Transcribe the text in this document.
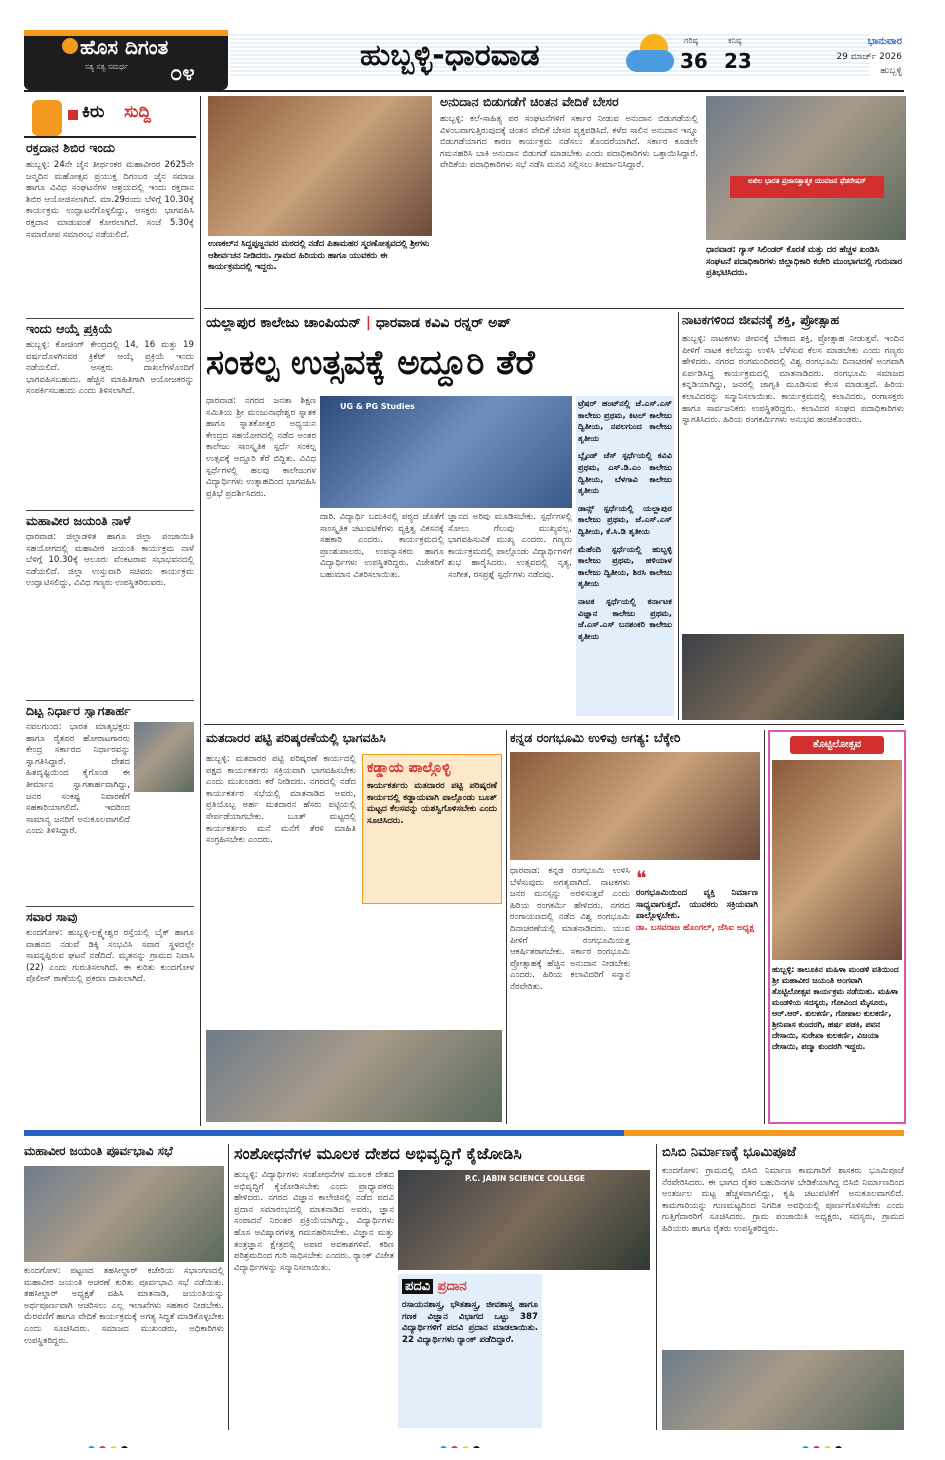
ಹೊಸ ದಿಗಂತ
ಸತ್ಯ ಸತ್ವ ಸಮರ್ಥ	೦೪
ಹುಬ್ಬಳ್ಳಿ-ಧಾರವಾಡ	ಗರಿಷ್ಠ
36
ಕನಿಷ್ಠ
23
ಭಾನುವಾರ
29 ಮಾರ್ಚ್ 2026
ಹುಬ್ಬಳ್ಳಿ
ಕಿರು	ಸುದ್ದಿ
ರಕ್ತದಾನ ಶಿಬಿರ ಇಂದು
ಹುಬ್ಬಳ್ಳಿ: 24ನೇ ಜೈನ ತೀರ್ಥಂಕರ ಮಹಾವೀರರ 2625ನೇ ಜನ್ಮದಿನ ಮಹೋತ್ಸವ ಪ್ರಯುಕ್ತ ದಿಗಂಬರ ಜೈನ ಸಮಾಜ ಹಾಗೂ ವಿವಿಧ ಸಂಘಟನೆಗಳ ಆಶ್ರಯದಲ್ಲಿ ಇಂದು ರಕ್ತದಾನ ಶಿಬಿರ ಆಯೋಜಿಸಲಾಗಿದೆ. ಮಾ.29ರಂದು ಬೆಳಿಗ್ಗೆ 10.30ಕ್ಕೆ ಕಾರ್ಯಕ್ರಮ ಉದ್ಘಾಟನೆಗೊಳ್ಳಲಿದ್ದು, ಆಸಕ್ತರು ಭಾಗವಹಿಸಿ ರಕ್ತದಾನ ಮಾಡುವಂತೆ ಕೋರಲಾಗಿದೆ. ಸಂಜೆ 5.30ಕ್ಕೆ ಸಮಾರೋಪ ಸಮಾರಂಭ ನಡೆಯಲಿದೆ.
ಇಂದು ಆಯ್ಕೆ ಪ್ರಕ್ರಿಯೆ
ಹುಬ್ಬಳ್ಳಿ: ಕೋಚಿಂಗ್ ಕೇಂದ್ರದಲ್ಲಿ 14, 16 ಮತ್ತು 19 ವರ್ಷದೊಳಗಿನವರ ಕ್ರಿಕೆಟ್ ಆಯ್ಕೆ ಪ್ರಕ್ರಿಯೆ ಇಂದು ನಡೆಯಲಿದೆ. ಆಸಕ್ತರು ದಾಖಲೆಗಳೊಂದಿಗೆ ಭಾಗವಹಿಸಬಹುದು. ಹೆಚ್ಚಿನ ಮಾಹಿತಿಗಾಗಿ ಆಯೋಜಕರನ್ನು ಸಂಪರ್ಕಿಸಬಹುದು ಎಂದು ತಿಳಿಸಲಾಗಿದೆ.
ಮಹಾವೀರ ಜಯಂತಿ ನಾಳೆ
ಧಾರವಾಡ: ಜಿಲ್ಲಾಡಳಿತ ಹಾಗೂ ಜಿಲ್ಲಾ ಪಂಚಾಯಿತಿ ಸಹಯೋಗದಲ್ಲಿ ಮಹಾವೀರ ಜಯಂತಿ ಕಾರ್ಯಕ್ರಮ ನಾಳೆ ಬೆಳಿಗ್ಗೆ 10.30ಕ್ಕೆ ಆಲೂರು ವೆಂಕಟರಾವ ಸಭಾಭವನದಲ್ಲಿ ನಡೆಯಲಿದೆ. ಜಿಲ್ಲಾ ಉಸ್ತುವಾರಿ ಸಚಿವರು ಕಾರ್ಯಕ್ರಮ ಉದ್ಘಾಟಿಸಲಿದ್ದು, ವಿವಿಧ ಗಣ್ಯರು ಉಪಸ್ಥಿತರಿರುವರು.
ದಿಟ್ಟ ನಿರ್ಧಾರ ಸ್ವಾಗತಾರ್ಹ
ನವಲಗುಂದ: ಭಾರತ ಮಾತೃಭಕ್ತರು ಹಾಗೂ ರೈತಪರ ಹೋರಾಟಗಾರರು ಕೇಂದ್ರ ಸರ್ಕಾರದ ನಿರ್ಧಾರವನ್ನು ಸ್ವಾಗತಿಸಿದ್ದಾರೆ. ದೇಶದ ಹಿತದೃಷ್ಟಿಯಿಂದ ಕೈಗೊಂಡ ಈ ತೀರ್ಮಾನ ಸ್ವಾಗತಾರ್ಹವಾಗಿದ್ದು, ಜನರ ಸಂಕಷ್ಟ ನಿವಾರಣೆಗೆ ಸಹಕಾರಿಯಾಗಲಿದೆ. ಇದರಿಂದ ಸಾಮಾನ್ಯ ಜನರಿಗೆ ಅನುಕೂಲವಾಗಲಿದೆ ಎಂದು ತಿಳಿಸಿದ್ದಾರೆ.
ಸವಾರ ಸಾವು
ಕುಂದಗೋಳ: ಹುಬ್ಬಳ್ಳಿ-ಲಕ್ಷ್ಮೇಶ್ವರ ರಸ್ತೆಯಲ್ಲಿ ಬೈಕ್ ಹಾಗೂ ವಾಹನದ ನಡುವೆ ಡಿಕ್ಕಿ ಸಂಭವಿಸಿ ಸವಾರ ಸ್ಥಳದಲ್ಲೇ ಸಾವನ್ನಪ್ಪಿರುವ ಘಟನೆ ನಡೆದಿದೆ. ಮೃತನನ್ನು ಗ್ರಾಮದ ನಿವಾಸಿ (22) ಎಂದು ಗುರುತಿಸಲಾಗಿದೆ. ಈ ಕುರಿತು ಕುಂದಗೋಳ ಪೊಲೀಸ್ ಠಾಣೆಯಲ್ಲಿ ಪ್ರಕರಣ ದಾಖಲಾಗಿದೆ.
ಉಣಕಲ್‌ನ ಸಿದ್ದಪ್ಪಜ್ಜನವರ ಮಠದಲ್ಲಿ ನಡೆದ ಪಿತಾಮಹರ ಸ್ಮರಣೋತ್ಸವದಲ್ಲಿ ಶ್ರೀಗಳು ಆಶೀರ್ವಚನ ನೀಡಿದರು. ಗ್ರಾಮದ ಹಿರಿಯರು ಹಾಗೂ ಯುವಕರು ಈ ಕಾರ್ಯಕ್ರಮದಲ್ಲಿ ಇದ್ದರು.
ಅನುದಾನ ಬಿಡುಗಡೆಗೆ ಚಿಂತನ ವೇದಿಕೆ ಬೇಸರ
ಹುಬ್ಬಳ್ಳಿ: ಕಲೆ-ಸಾಹಿತ್ಯ ಪರ ಸಂಘಟನೆಗಳಿಗೆ ಸರ್ಕಾರ ನೀಡುವ ಅನುದಾನ ಬಿಡುಗಡೆಯಲ್ಲಿ ವಿಳಂಬವಾಗುತ್ತಿರುವುದಕ್ಕೆ ಚಿಂತನ ವೇದಿಕೆ ಬೇಸರ ವ್ಯಕ್ತಪಡಿಸಿದೆ. ಕಳೆದ ಸಾಲಿನ ಅನುದಾನ ಇನ್ನೂ ಬಿಡುಗಡೆಯಾಗದ ಕಾರಣ ಕಾರ್ಯಕ್ರಮ ನಡೆಸಲು ತೊಂದರೆಯಾಗಿದೆ. ಸರ್ಕಾರ ಕೂಡಲೇ ಗಮನಹರಿಸಿ ಬಾಕಿ ಅನುದಾನ ಬಿಡುಗಡೆ ಮಾಡಬೇಕು ಎಂದು ಪದಾಧಿಕಾರಿಗಳು ಒತ್ತಾಯಿಸಿದ್ದಾರೆ. ವೇದಿಕೆಯ ಪದಾಧಿಕಾರಿಗಳು ಸಭೆ ನಡೆಸಿ ಮನವಿ ಸಲ್ಲಿಸಲು ತೀರ್ಮಾನಿಸಿದ್ದಾರೆ.
ಅಖಿಲ ಭಾರತ ಪ್ರಜಾಸತ್ತಾತ್ಮಕ ಯುವಜನ ಫೆಡರೇಷನ್
ಧಾರವಾಡ: ಗ್ಯಾಸ್ ಸಿಲಿಂಡರ್ ಕೊರತೆ ಮತ್ತು ದರ ಹೆಚ್ಚಳ ಖಂಡಿಸಿ ಸಂಘಟನೆ ಪದಾಧಿಕಾರಿಗಳು ಜಿಲ್ಲಾಧಿಕಾರಿ ಕಚೇರಿ ಮುಂಭಾಗದಲ್ಲಿ ಗುರುವಾರ ಪ್ರತಿಭಟಿಸಿದರು.
ಯಲ್ಲಾಪುರ ಕಾಲೇಜು ಚಾಂಪಿಯನ್ | ಧಾರವಾಡ ಕವಿವಿ ರನ್ನರ್ ಅಪ್
ಸಂಕಲ್ಪ ಉತ್ಸವಕ್ಕೆ ಅದ್ದೂರಿ ತೆರೆ
UG & PG Studies
ಧಾರವಾಡ: ನಗರದ ಜನತಾ ಶಿಕ್ಷಣ ಸಮಿತಿಯ ಶ್ರೀ ಮಂಜುನಾಥೇಶ್ವರ ಸ್ನಾತಕ ಹಾಗೂ ಸ್ನಾತಕೋತ್ತರ ಅಧ್ಯಯನ ಕೇಂದ್ರದ ಸಹಯೋಗದಲ್ಲಿ ನಡೆದ ಅಂತರ ಕಾಲೇಜು ಸಾಂಸ್ಕೃತಿಕ ಸ್ಪರ್ಧೆ ಸಂಕಲ್ಪ ಉತ್ಸವಕ್ಕೆ ಅದ್ದೂರಿ ತೆರೆ ಬಿದ್ದಿತು. ವಿವಿಧ ಸ್ಪರ್ಧೆಗಳಲ್ಲಿ ಹಲವು ಕಾಲೇಜುಗಳ ವಿದ್ಯಾರ್ಥಿಗಳು ಉತ್ಸಾಹದಿಂದ ಭಾಗವಹಿಸಿ ಪ್ರತಿಭೆ ಪ್ರದರ್ಶಿಸಿದರು.
ದಾರಿ. ವಿದ್ಯಾರ್ಥಿ ಬದುಕಿನಲ್ಲಿ ಪಠ್ಯದ ಜೊತೆಗೆ ಸಾಂಸ್ಕೃತಿಕ ಚಟುವಟಿಕೆಗಳು ವ್ಯಕ್ತಿತ್ವ ವಿಕಸನಕ್ಕೆ ಸಹಕಾರಿ ಎಂದರು. ಕಾರ್ಯಕ್ರಮದಲ್ಲಿ ಪ್ರಾಂಶುಪಾಲರು, ಉಪನ್ಯಾಸಕರು ಹಾಗೂ ವಿದ್ಯಾರ್ಥಿಗಳು ಉಪಸ್ಥಿತರಿದ್ದರು. ವಿಜೇತರಿಗೆ ಬಹುಮಾನ ವಿತರಿಸಲಾಯಿತು.
ಜ್ಞಾನದ ಅರಿವು ಮೂಡಿಸಬೇಕು. ಸ್ಪರ್ಧೆಗಳಲ್ಲಿ ಸೋಲು ಗೆಲುವು ಮುಖ್ಯವಲ್ಲ, ಭಾಗವಹಿಸುವಿಕೆ ಮುಖ್ಯ ಎಂದರು. ಗಣ್ಯರು ಕಾರ್ಯಕ್ರಮದಲ್ಲಿ ಪಾಲ್ಗೊಂಡು ವಿದ್ಯಾರ್ಥಿಗಳಿಗೆ ಶುಭ ಹಾರೈಸಿದರು. ಉತ್ಸವದಲ್ಲಿ ನೃತ್ಯ, ಸಂಗೀತ, ರಸಪ್ರಶ್ನೆ ಸ್ಪರ್ಧೆಗಳು ನಡೆದವು.
ಟ್ರೆಷರ್ ಹಂಟ್‌ನಲ್ಲಿ ಜೆ.ಎಸ್.ಎಸ್ ಕಾಲೇಜು ಪ್ರಥಮ, ಕಿಟಲ್ ಕಾಲೇಜು ದ್ವಿತೀಯ, ನವಲಗುಂದ ಕಾಲೇಜು ತೃತೀಯ
ಬ್ಲೈಂಡ್ ಚೆಸ್ ಸ್ಪರ್ಧೆಯಲ್ಲಿ ಕವಿವಿ ಪ್ರಥಮ, ಎಸ್.ಡಿ.ಎಂ ಕಾಲೇಜು ದ್ವಿತೀಯ, ಬೆಳಗಾವಿ ಕಾಲೇಜು ತೃತೀಯ
ಡಾನ್ಸ್ ಸ್ಪರ್ಧೆಯಲ್ಲಿ ಯಲ್ಲಾಪುರ ಕಾಲೇಜು ಪ್ರಥಮ, ಜೆ.ಎಸ್.ಎಸ್ ದ್ವಿತೀಯ, ಕೆ.ಸಿ.ಡಿ ತೃತೀಯ
ಮೆಹೆಂದಿ ಸ್ಪರ್ಧೆಯಲ್ಲಿ ಹುಬ್ಬಳ್ಳಿ ಕಾಲೇಜು ಪ್ರಥಮ, ಹಳಿಯಾಳ ಕಾಲೇಜು ದ್ವಿತೀಯ, ಶಿರಸಿ ಕಾಲೇಜು ತೃತೀಯ
ನಾಟಕ ಸ್ಪರ್ಧೆಯಲ್ಲಿ ಕರ್ನಾಟಕ ವಿಜ್ಞಾನ ಕಾಲೇಜು ಪ್ರಥಮ, ಜೆ.ಎಸ್.ಎಸ್ ಬನಶಂಕರಿ ಕಾಲೇಜು ತೃತೀಯ
ನಾಟಕಗಳಿಂದ ಜೀವನಕ್ಕೆ ಶಕ್ತಿ, ಪ್ರೋತ್ಸಾಹ
ಹುಬ್ಬಳ್ಳಿ: ನಾಟಕಗಳು ಜೀವನಕ್ಕೆ ಬೇಕಾದ ಶಕ್ತಿ, ಪ್ರೋತ್ಸಾಹ ನೀಡುತ್ತವೆ. ಇಂದಿನ ಪೀಳಿಗೆ ನಾಟಕ ಕಲೆಯನ್ನು ಉಳಿಸಿ ಬೆಳೆಸುವ ಕೆಲಸ ಮಾಡಬೇಕು ಎಂದು ಗಣ್ಯರು ಹೇಳಿದರು. ನಗರದ ರಂಗಮಂದಿರದಲ್ಲಿ ವಿಶ್ವ ರಂಗಭೂಮಿ ದಿನಾಚರಣೆ ಅಂಗವಾಗಿ ಏರ್ಪಡಿಸಿದ್ದ ಕಾರ್ಯಕ್ರಮದಲ್ಲಿ ಮಾತನಾಡಿದರು. ರಂಗಭೂಮಿ ಸಮಾಜದ ಕನ್ನಡಿಯಾಗಿದ್ದು, ಜನರಲ್ಲಿ ಜಾಗೃತಿ ಮೂಡಿಸುವ ಕೆಲಸ ಮಾಡುತ್ತದೆ. ಹಿರಿಯ ಕಲಾವಿದರನ್ನು ಸನ್ಮಾನಿಸಲಾಯಿತು. ಕಾರ್ಯಕ್ರಮದಲ್ಲಿ ಕಲಾವಿದರು, ರಂಗಾಸಕ್ತರು ಹಾಗೂ ಸಾರ್ವಜನಿಕರು ಉಪಸ್ಥಿತರಿದ್ದರು. ಕಲಾವಿದರ ಸಂಘದ ಪದಾಧಿಕಾರಿಗಳು ಸ್ವಾಗತಿಸಿದರು. ಹಿರಿಯ ರಂಗಕರ್ಮಿಗಳು ಅನುಭವ ಹಂಚಿಕೊಂಡರು.
ಮತದಾರರ ಪಟ್ಟಿ ಪರಿಷ್ಕರಣೆಯಲ್ಲಿ ಭಾಗವಹಿಸಿ
ಹುಬ್ಬಳ್ಳಿ: ಮತದಾರರ ಪಟ್ಟಿ ಪರಿಷ್ಕರಣೆ ಕಾರ್ಯದಲ್ಲಿ ಪಕ್ಷದ ಕಾರ್ಯಕರ್ತರು ಸಕ್ರಿಯವಾಗಿ ಭಾಗವಹಿಸಬೇಕು ಎಂದು ಮುಖಂಡರು ಕರೆ ನೀಡಿದರು. ನಗರದಲ್ಲಿ ನಡೆದ ಕಾರ್ಯಕರ್ತರ ಸಭೆಯಲ್ಲಿ ಮಾತನಾಡಿದ ಅವರು, ಪ್ರತಿಯೊಬ್ಬ ಅರ್ಹ ಮತದಾರನ ಹೆಸರು ಪಟ್ಟಿಯಲ್ಲಿ ಸೇರ್ಪಡೆಯಾಗಬೇಕು. ಬೂತ್ ಮಟ್ಟದಲ್ಲಿ ಕಾರ್ಯಕರ್ತರು ಮನೆ ಮನೆಗೆ ತೆರಳಿ ಮಾಹಿತಿ ಸಂಗ್ರಹಿಸಬೇಕು ಎಂದರು.
ಕಡ್ಡಾಯ ಪಾಲ್ಗೊಳ್ಳಿ
ಕಾರ್ಯಕರ್ತರು ಮತದಾರರ ಪಟ್ಟಿ ಪರಿಷ್ಕರಣೆ ಕಾರ್ಯದಲ್ಲಿ ಕಡ್ಡಾಯವಾಗಿ ಪಾಲ್ಗೊಂಡು ಬೂತ್ ಮಟ್ಟದ ಕೆಲಸವನ್ನು ಯಶಸ್ವಿಗೊಳಿಸಬೇಕು ಎಂದು ಸೂಚಿಸಿದರು.
ಕನ್ನಡ ರಂಗಭೂಮಿ ಉಳಿವು ಅಗತ್ಯ: ಬೆಕ್ಕೇರಿ
ಧಾರವಾಡ: ಕನ್ನಡ ರಂಗಭೂಮಿ ಉಳಿಸಿ ಬೆಳೆಸುವುದು ಅಗತ್ಯವಾಗಿದೆ. ನಾಟಕಗಳು ಜನರ ಮನಸ್ಸನ್ನು ಅರಳಿಸುತ್ತವೆ ಎಂದು ಹಿರಿಯ ರಂಗಕರ್ಮಿ ಹೇಳಿದರು. ನಗರದ ರಂಗಾಯಣದಲ್ಲಿ ನಡೆದ ವಿಶ್ವ ರಂಗಭೂಮಿ ದಿನಾಚರಣೆಯಲ್ಲಿ ಮಾತನಾಡಿದರು. ಯುವ ಪೀಳಿಗೆ ರಂಗಭೂಮಿಯತ್ತ ಆಕರ್ಷಿತರಾಗಬೇಕು. ಸರ್ಕಾರ ರಂಗಭೂಮಿ ಪ್ರೋತ್ಸಾಹಕ್ಕೆ ಹೆಚ್ಚಿನ ಅನುದಾನ ನೀಡಬೇಕು ಎಂದರು. ಹಿರಿಯ ಕಲಾವಿದರಿಗೆ ಸನ್ಮಾನ ನೆರವೇರಿತು.
❝
ರಂಗಭೂಮಿಯಿಂದ ವ್ಯಕ್ತಿ ನಿರ್ಮಾಣ ಸಾಧ್ಯವಾಗುತ್ತದೆ. ಯುವಕರು ಸಕ್ರಿಯವಾಗಿ ಪಾಲ್ಗೊಳ್ಳಬೇಕು.
ಡಾ. ಬಸವರಾಜ ಹೊಂಗಲ್, ಜೆಸಿಐ ಅಧ್ಯಕ್ಷ
ತೊಟ್ಟಿಲೋತ್ಸವ
ಹುಬ್ಬಳ್ಳಿ: ತಾಲೂಕಿನ ಮಹಿಳಾ ಮಂಡಳಿ ವತಿಯಿಂದ ಶ್ರೀ ಮಹಾವೀರ ಜಯಂತಿ ಅಂಗವಾಗಿ ತೊಟ್ಟಿಲೋತ್ಸವ ಕಾರ್ಯಕ್ರಮ ನಡೆಯಿತು. ಮಹಿಳಾ ಮಂಡಳಿಯ ಸದಸ್ಯರು, ಗೋವಿಂದ ಮೈಸೂರು, ಆರ್.ಆರ್. ಕುಲಕರ್ಣಿ, ಗೋಪಾಲ ಕುಲಕರ್ಣಿ, ಶ್ರೀನಿವಾಸ ಕುಂದರಗಿ, ಹರ್ಷ ಪಡಕಿ, ಪವನ ದೇಸಾಯಿ, ಸುರೇಖಾ ಕುಲಕರ್ಣಿ, ವಿಜಯಾ ದೇಸಾಯಿ, ಪದ್ಮಾ ಕುಂದರಗಿ ಇದ್ದರು.
ಮಹಾವೀರ ಜಯಂತಿ ಪೂರ್ವಭಾವಿ ಸಭೆ
ಕುಂದಗೋಳ: ಪಟ್ಟಣದ ತಹಸೀಲ್ದಾರ್ ಕಚೇರಿಯ ಸಭಾಂಗಣದಲ್ಲಿ ಮಹಾವೀರ ಜಯಂತಿ ಆಚರಣೆ ಕುರಿತು ಪೂರ್ವಭಾವಿ ಸಭೆ ನಡೆಯಿತು. ತಹಸೀಲ್ದಾರ್ ಅಧ್ಯಕ್ಷತೆ ವಹಿಸಿ ಮಾತನಾಡಿ, ಜಯಂತಿಯನ್ನು ಅರ್ಥಪೂರ್ಣವಾಗಿ ಆಚರಿಸಲು ಎಲ್ಲ ಇಲಾಖೆಗಳು ಸಹಕಾರ ನೀಡಬೇಕು. ಮೆರವಣಿಗೆ ಹಾಗೂ ವೇದಿಕೆ ಕಾರ್ಯಕ್ರಮಕ್ಕೆ ಅಗತ್ಯ ಸಿದ್ಧತೆ ಮಾಡಿಕೊಳ್ಳಬೇಕು ಎಂದು ಸೂಚಿಸಿದರು. ಸಮಾಜದ ಮುಖಂಡರು, ಅಧಿಕಾರಿಗಳು ಉಪಸ್ಥಿತರಿದ್ದರು.
ಸಂಶೋಧನೆಗಳ ಮೂಲಕ ದೇಶದ ಅಭಿವೃದ್ಧಿಗೆ ಕೈಜೋಡಿಸಿ
ಹುಬ್ಬಳ್ಳಿ: ವಿದ್ಯಾರ್ಥಿಗಳು ಸಂಶೋಧನೆಗಳ ಮೂಲಕ ದೇಶದ ಅಭಿವೃದ್ಧಿಗೆ ಕೈಜೋಡಿಸಬೇಕು ಎಂದು ಪ್ರಾಧ್ಯಾಪಕರು ಹೇಳಿದರು. ನಗರದ ವಿಜ್ಞಾನ ಕಾಲೇಜಿನಲ್ಲಿ ನಡೆದ ಪದವಿ ಪ್ರದಾನ ಸಮಾರಂಭದಲ್ಲಿ ಮಾತನಾಡಿದ ಅವರು, ಜ್ಞಾನ ಸಂಪಾದನೆ ನಿರಂತರ ಪ್ರಕ್ರಿಯೆಯಾಗಿದ್ದು, ವಿದ್ಯಾರ್ಥಿಗಳು ಹೊಸ ಆವಿಷ್ಕಾರಗಳತ್ತ ಗಮನಹರಿಸಬೇಕು. ವಿಜ್ಞಾನ ಮತ್ತು ತಂತ್ರಜ್ಞಾನ ಕ್ಷೇತ್ರದಲ್ಲಿ ಅಪಾರ ಅವಕಾಶಗಳಿವೆ. ಕಠಿಣ ಪರಿಶ್ರಮದಿಂದ ಗುರಿ ಸಾಧಿಸಬೇಕು ಎಂದರು. ರ‍್ಯಾಂಕ್ ವಿಜೇತ ವಿದ್ಯಾರ್ಥಿಗಳನ್ನು ಸನ್ಮಾನಿಸಲಾಯಿತು.
P.C. JABIN SCIENCE COLLEGE
ಪದವಿ ಪ್ರದಾನ
ರಸಾಯನಶಾಸ್ತ್ರ, ಭೌತಶಾಸ್ತ್ರ, ಜೀವಶಾಸ್ತ್ರ ಹಾಗೂ ಗಣಕ ವಿಜ್ಞಾನ ವಿಭಾಗದ ಒಟ್ಟು 387 ವಿದ್ಯಾರ್ಥಿಗಳಿಗೆ ಪದವಿ ಪ್ರದಾನ ಮಾಡಲಾಯಿತು. 22 ವಿದ್ಯಾರ್ಥಿಗಳು ರ‍್ಯಾಂಕ್ ಪಡೆದಿದ್ದಾರೆ.
ಬಿಸಿಬಿ ನಿರ್ಮಾಣಕ್ಕೆ ಭೂಮಿಪೂಜೆ
ಕುಂದಗೋಳ: ಗ್ರಾಮದಲ್ಲಿ ಬಿಸಿಬಿ ನಿರ್ಮಾಣ ಕಾಮಗಾರಿಗೆ ಶಾಸಕರು ಭೂಮಿಪೂಜೆ ನೆರವೇರಿಸಿದರು. ಈ ಭಾಗದ ರೈತರ ಬಹುದಿನಗಳ ಬೇಡಿಕೆಯಾಗಿದ್ದ ಬಿಸಿಬಿ ನಿರ್ಮಾಣದಿಂದ ಅಂತರ್ಜಲ ಮಟ್ಟ ಹೆಚ್ಚಳವಾಗಲಿದ್ದು, ಕೃಷಿ ಚಟುವಟಿಕೆಗೆ ಅನುಕೂಲವಾಗಲಿದೆ. ಕಾಮಗಾರಿಯನ್ನು ಗುಣಮಟ್ಟದಿಂದ ನಿಗದಿತ ಅವಧಿಯಲ್ಲಿ ಪೂರ್ಣಗೊಳಿಸಬೇಕು ಎಂದು ಗುತ್ತಿಗೆದಾರರಿಗೆ ಸೂಚಿಸಿದರು. ಗ್ರಾಮ ಪಂಚಾಯಿತಿ ಅಧ್ಯಕ್ಷರು, ಸದಸ್ಯರು, ಗ್ರಾಮದ ಹಿರಿಯರು ಹಾಗೂ ರೈತರು ಉಪಸ್ಥಿತರಿದ್ದರು.
